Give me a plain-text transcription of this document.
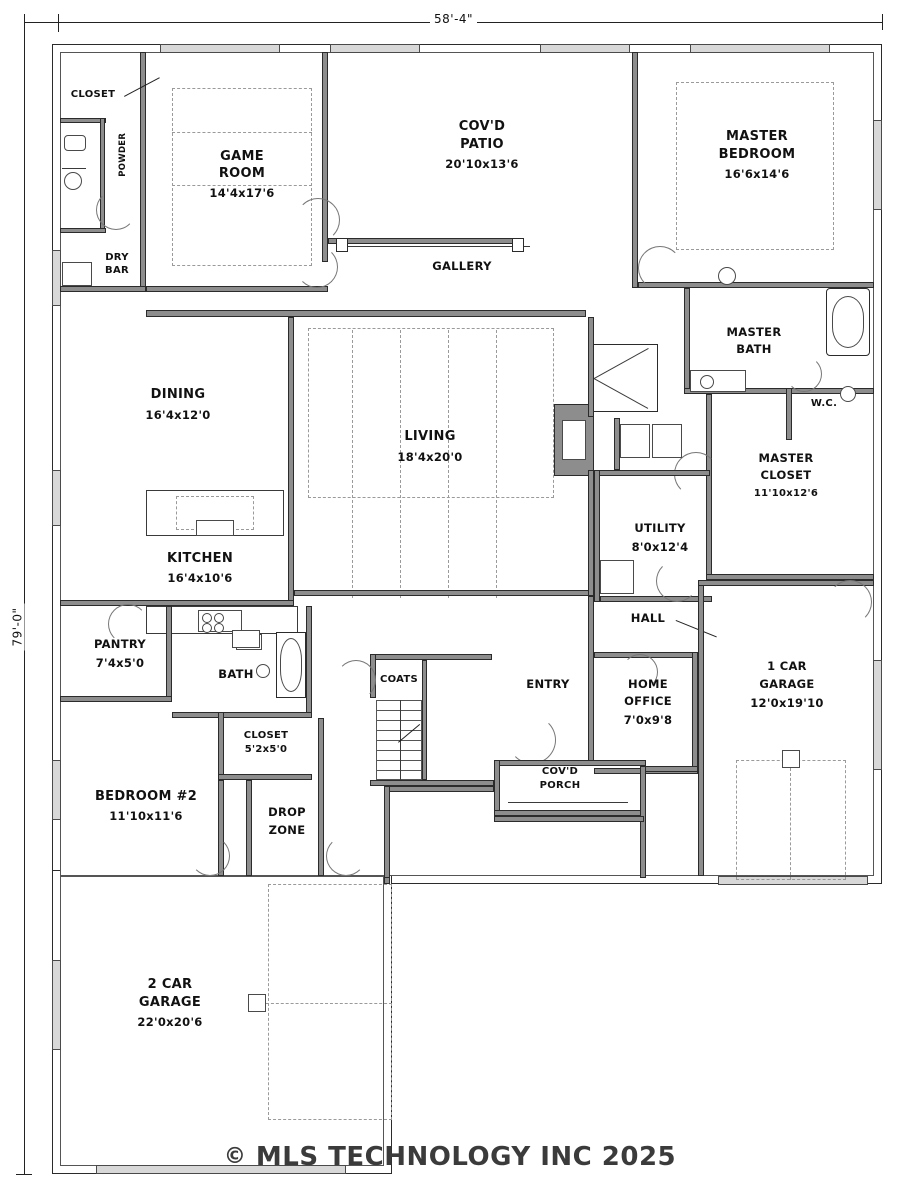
58'-4"
79'-0"
CLOSET
POWDER
DRY
BAR
GAME
ROOM
14'4x17'6
COV'D
PATIO
20'10x13'6
GALLERY
MASTER
BEDROOM
16'6x14'6
MASTER
BATH
W.C.
MASTER
CLOSET
11'10x12'6
DINING
16'4x12'0
LIVING
18'4x20'0
UTILITY
8'0x12'4
KITCHEN
16'4x10'6
PANTRY
7'4x5'0
BATH
CLOSET
5'2x5'0
BEDROOM #2
11'10x11'6	DROP
ZONE
COATS	ENTRY
COV'D
PORCH
HALL
HOME
OFFICE
7'0x9'8
1 CAR
GARAGE
12'0x19'10
2 CAR
GARAGE
22'0x20'6
© MLS TECHNOLOGY INC 2025
